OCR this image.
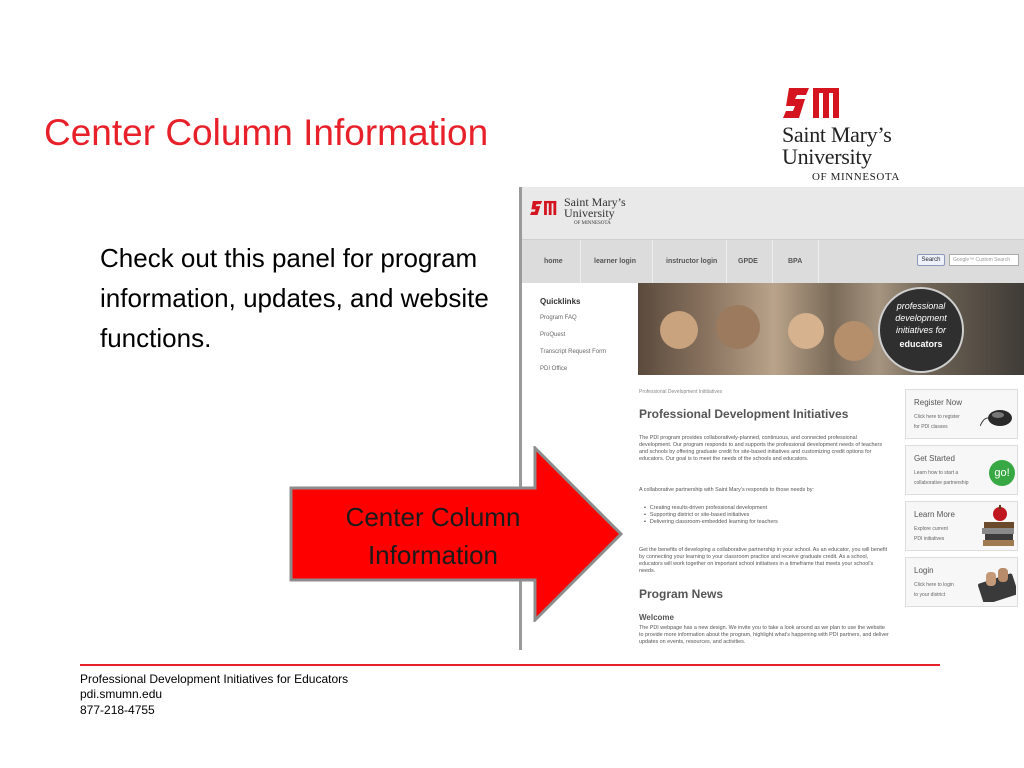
Center Column Information	Saint Mary’s
University
OF MINNESOTA
Check out this panel for program information, updates, and website functions.
Saint Mary’s
University
OF MINNESOTA
home	learner login	instructor login	GPDE	BPA	Search	Google™ Custom Search
Quicklinks
Program FAQ
ProQuest
Transcript Request Form
PDI Office
professional
development
initiatives for
educators
Professional Development Inititiatives
Professional Development Initiatives
The PDI program provides collaboratively-planned, continuous, and connected professional development. Our program responds to and supports the professional development needs of teachers and schools by offering graduate credit for site-based initiatives and customizing credit options for educators. Our goal is to meet the needs of the schools and educators.
A collaborative partnership with Saint Mary’s responds to those needs by:
• Creating results-driven professional development
• Supporting district or site-based initiatives
• Delivering classroom-embedded learning for teachers
Get the benefits of developing a collaborative partnership in your school. As an educator, you will benefit by connecting your learning to your classroom practice and receive graduate credit. As a school, educators will work together on important school initiatives in a timeframe that meets your school’s needs.
Program News
Welcome
The PDI webpage has a new design. We invite you to take a look around as we plan to use the website to provide more information about the program, highlight what’s happening with PDI partners, and deliver updates on events, resources, and activities.
Register Now
Click here to register
for PDI classes
Get Started
Learn how to start a
collaborative partnership
go!
Learn More
Explore current
PDI initiatives
Login
Click here to login
to your district
Center Column Information
Professional Development Initiatives for Educators
pdi.smumn.edu
877-218-4755
